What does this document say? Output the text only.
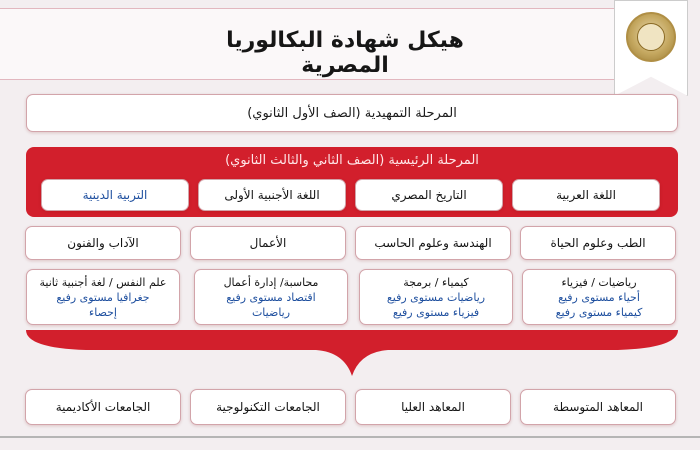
هيكل شهادة البكالوريا المصرية
المرحلة التمهيدية (الصف الأول الثانوي)
المرحلة الرئيسية (الصف الثاني والثالث الثانوي)
اللغة العربية
التاريخ المصري
اللغة الأجنبية الأولى
التربية الدينية
الطب وعلوم الحياة
الهندسة وعلوم الحاسب
الأعمال
الآداب والفنون
رياضيات / فيزياء
أحياء مستوى رفيع
كيمياء مستوى رفيع
كيمياء / برمجة
رياضيات مستوى رفيع
فيزياء مستوى رفيع
محاسبة/ إدارة أعمال
اقتصاد مستوى رفيع
رياضيات
علم النفس / لغة أجنبية ثانية
جغرافيا مستوى رفيع
إحصاء
المعاهد المتوسطة
المعاهد العليا
الجامعات التكنولوجية
الجامعات الأكاديمية
